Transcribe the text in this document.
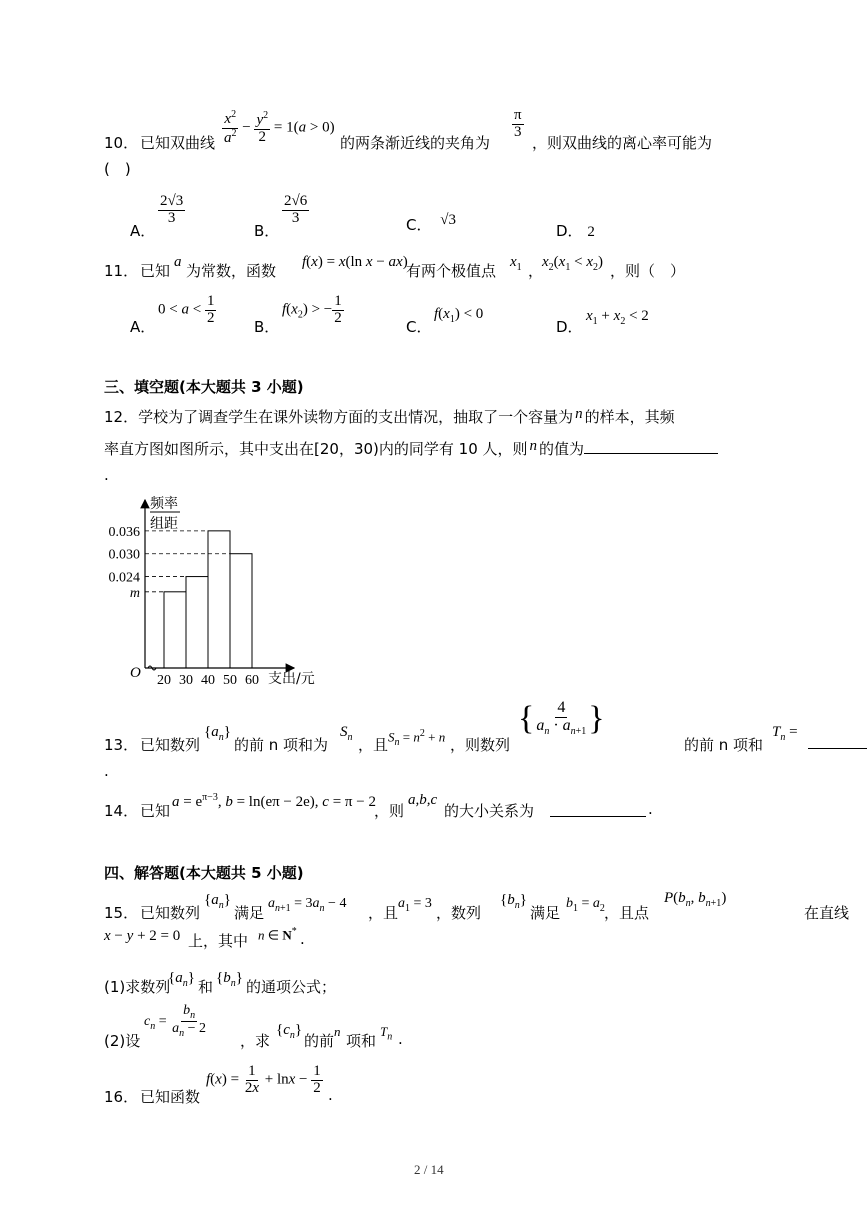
10． 已知双曲线 $\frac{x^2}{a^2} - \frac{y^2}{2} = 1(a > 0)$
的两条渐近线的夹角为
$\frac{\pi}{3}$
，则双曲线的离心率可能为
(　)
A．
$\frac{2√3}{3}$
B．
$\frac{2√6}{3}$	C． √3
D． 2
11． 已知 a 为常数，函数 f(x) = x(ln x − ax)
有两个极值点 $x_1$ ，
$x_2(x_1 < x_2)$ ，则（　）
A．
$0 < a < \frac{1}{2}$
B．
$f(x_2)$ > − $\frac{1}{2}$
C．
$f(x_1) < 0$
D．
$x_1 + x_2 < 2$
三、填空题(本大题共 3 小题)
12．学校为了调查学生在课外读物方面的支出情况，抽取了一个容量为 n 的样本，其频
率直方图如图所示，其中支出在[20，30)内的同学有 10 人，则 n 的值为
.
频率
组距
O	支出/元
m
0.024
0.036
0.030
20 30 40 50 60
13． 已知数列
$\{a_n\}$
的前 n 项和为
$S_n$ ，且 $S_n = n^2 + n$ ，则数列
{ $\frac{4}{a_n \cdot a_{n+1}}$ }
的前 n 项和
$T_n$ =
.
14． 已知 $a = e^{\pi-3}$, b = ln(eπ − 2e), c = π − 2
，则
a,b,c
的大小关系为	.
四、解答题(本大题共 5 小题)
15． 已知数列
$\{a_n\}$
满足
$a_{n+1} = 3a_n - 4$
，且
$a_1 = 3$
，数列
$\{b_n\}$
满足
$b_1 = a_2$ ，且点
$P(b_n$, $b_{n+1}$)
在直线
x − y + 2 = 0 上，其中 n ∈ N* .
(1)求数列
$\{a_n\}$ 和 $\{b_n\}$ 的通项公式；
(2)设
$c_n = \frac{b_n}{a_n - 2}$
，求
$\{c_n\}$
的前
n
项和
$T_n$ .
16． 已知函数
$f(x) = \frac{1}{2x} + \ln x - \frac{1}{2}$ .
2 / 14
